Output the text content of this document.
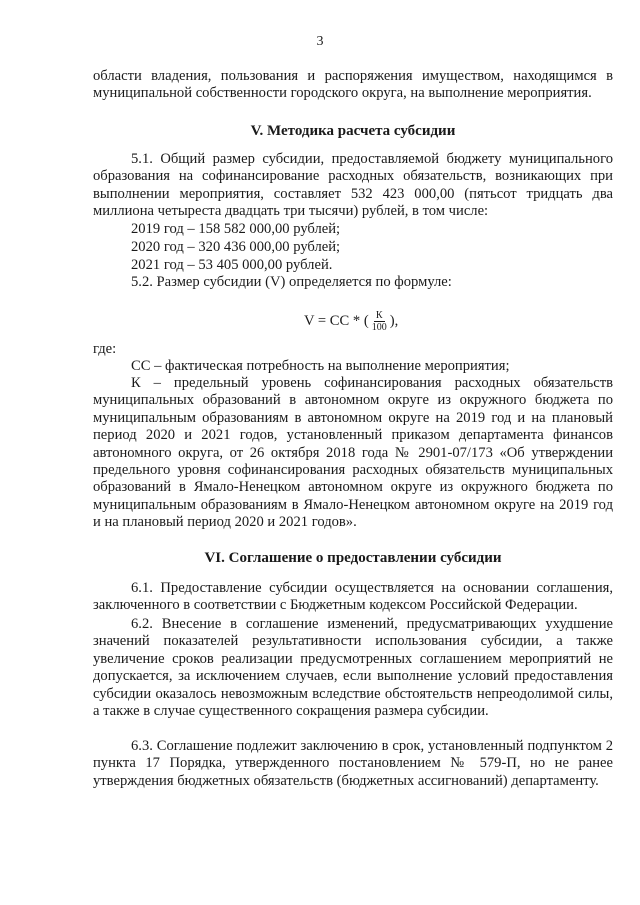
3
области владения, пользования и распоряжения имуществом, находящимся в муниципальной собственности городского округа, на выполнение мероприятия.
V. Методика расчета субсидии
5.1. Общий размер субсидии, предоставляемой бюджету муниципального образования на софинансирование расходных обязательств, возникающих при выполнении мероприятия, составляет 532 423 000,00 (пятьсот тридцать два миллиона четыреста двадцать три тысячи) рублей, в том числе:
2019 год – 158 582 000,00 рублей;
2020 год – 320 436 000,00 рублей;
2021 год – 53 405 000,00 рублей.
5.2. Размер субсидии (V) определяется по формуле:
V = СС * ( $\frac{К}{100}$ ),
где:
СС – фактическая потребность на выполнение мероприятия;
К – предельный уровень софинансирования расходных обязательств муниципальных образований в автономном округе из окружного бюджета по муниципальным образованиям в автономном округе на 2019 год и на плановый период 2020 и 2021 годов, установленный приказом департамента финансов автономного округа, от 26 октября 2018 года № 2901-07/173 «Об утверждении предельного уровня софинансирования расходных обязательств муниципальных образований в Ямало-Ненецком автономном округе из окружного бюджета по муниципальным образованиям в Ямало-Ненецком автономном округе на 2019 год и на плановый период 2020 и 2021 годов».
VI. Соглашение о предоставлении субсидии
6.1. Предоставление субсидии осуществляется на основании соглашения, заключенного в соответствии с Бюджетным кодексом Российской Федерации.
6.2. Внесение в соглашение изменений, предусматривающих ухудшение значений показателей результативности использования субсидии, а также увеличение сроков реализации предусмотренных соглашением мероприятий не допускается, за исключением случаев, если выполнение условий предоставления субсидии оказалось невозможным вследствие обстоятельств непреодолимой силы, а также в случае существенного сокращения размера субсидии.
6.3. Соглашение подлежит заключению в срок, установленный подпунктом 2 пункта 17 Порядка, утвержденного постановлением № 579-П, но не ранее утверждения бюджетных обязательств (бюджетных ассигнований) департаменту.
